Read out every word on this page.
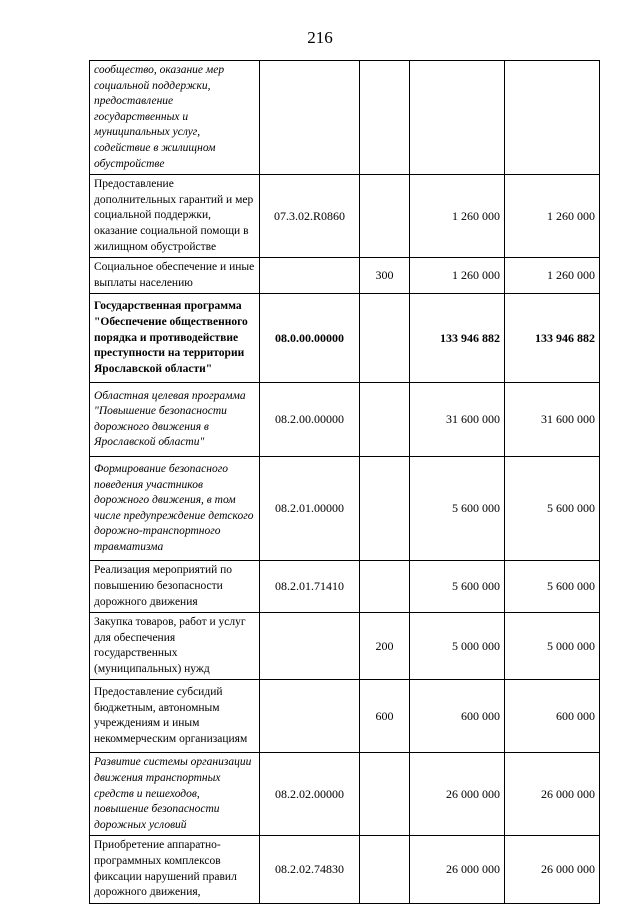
216
сообщество, оказание мер социальной поддержки, предоставление государственных и муниципальных услуг, содействие в жилищном обустройстве				
Предоставление дополнительных гарантий и мер социальной поддержки, оказание социальной помощи в жилищном обустройстве	07.3.02.R0860		1 260 000	1 260 000
Социальное обеспечение и иные выплаты населению		300	1 260 000	1 260 000
Государственная программа "Обеспечение общественного порядка и противодействие преступности на территории Ярославской области"	08.0.00.00000		133 946 882	133 946 882
Областная целевая программа "Повышение безопасности дорожного движения в Ярославской области"	08.2.00.00000		31 600 000	31 600 000
Формирование безопасного поведения участников дорожного движения, в том числе предупреждение детского дорожно-транспортного травматизма	08.2.01.00000		5 600 000	5 600 000
Реализация мероприятий по повышению безопасности дорожного движения	08.2.01.71410		5 600 000	5 600 000
Закупка товаров, работ и услуг для обеспечения государственных (муниципальных) нужд		200	5 000 000	5 000 000
Предоставление субсидий бюджетным, автономным учреждениям и иным некоммерческим организациям		600	600 000	600 000
Развитие системы организации движения транспортных средств и пешеходов, повышение безопасности дорожных условий	08.2.02.00000		26 000 000	26 000 000
Приобретение аппаратно-программных комплексов фиксации нарушений правил дорожного движения,	08.2.02.74830		26 000 000	26 000 000
